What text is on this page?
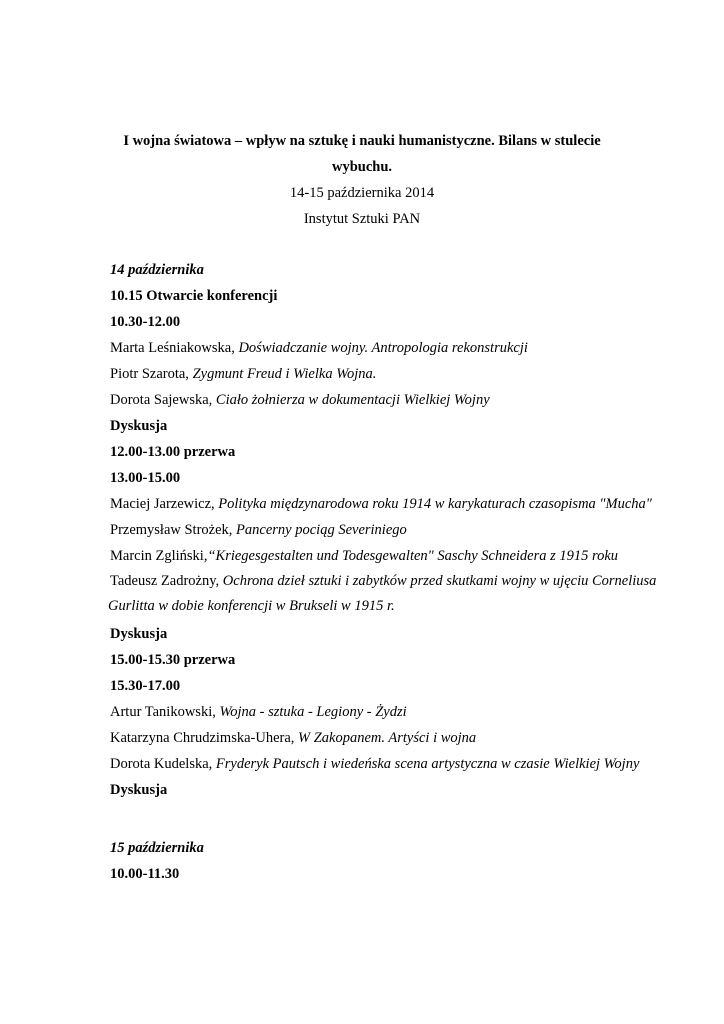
I wojna światowa – wpływ na sztukę i nauki humanistyczne. Bilans w stulecie
wybuchu.
14-15 października 2014
Instytut Sztuki PAN
14 października
10.15 Otwarcie konferencji
10.30-12.00
Marta Leśniakowska, Doświadczanie wojny. Antropologia rekonstrukcji
Piotr Szarota, Zygmunt Freud i Wielka Wojna.
Dorota Sajewska, Ciało żołnierza w dokumentacji Wielkiej Wojny
Dyskusja
12.00-13.00 przerwa
13.00-15.00
Maciej Jarzewicz, Polityka międzynarodowa roku 1914 w karykaturach czasopisma "Mucha"
Przemysław Strożek, Pancerny pociąg Severiniego
Marcin Zgliński,“Kriegesgestalten und Todesgewalten" Saschy Schneidera z 1915 roku
Tadeusz Zadrożny, Ochrona dzieł sztuki i zabytków przed skutkami wojny w ujęciu Corneliusa
Gurlitta w dobie konferencji w Brukseli w 1915 r.
Dyskusja
15.00-15.30 przerwa
15.30-17.00
Artur Tanikowski, Wojna - sztuka - Legiony - Żydzi
Katarzyna Chrudzimska-Uhera, W Zakopanem. Artyści i wojna
Dorota Kudelska, Fryderyk Pautsch i wiedeńska scena artystyczna w czasie Wielkiej Wojny
Dyskusja
15 października
10.00-11.30
